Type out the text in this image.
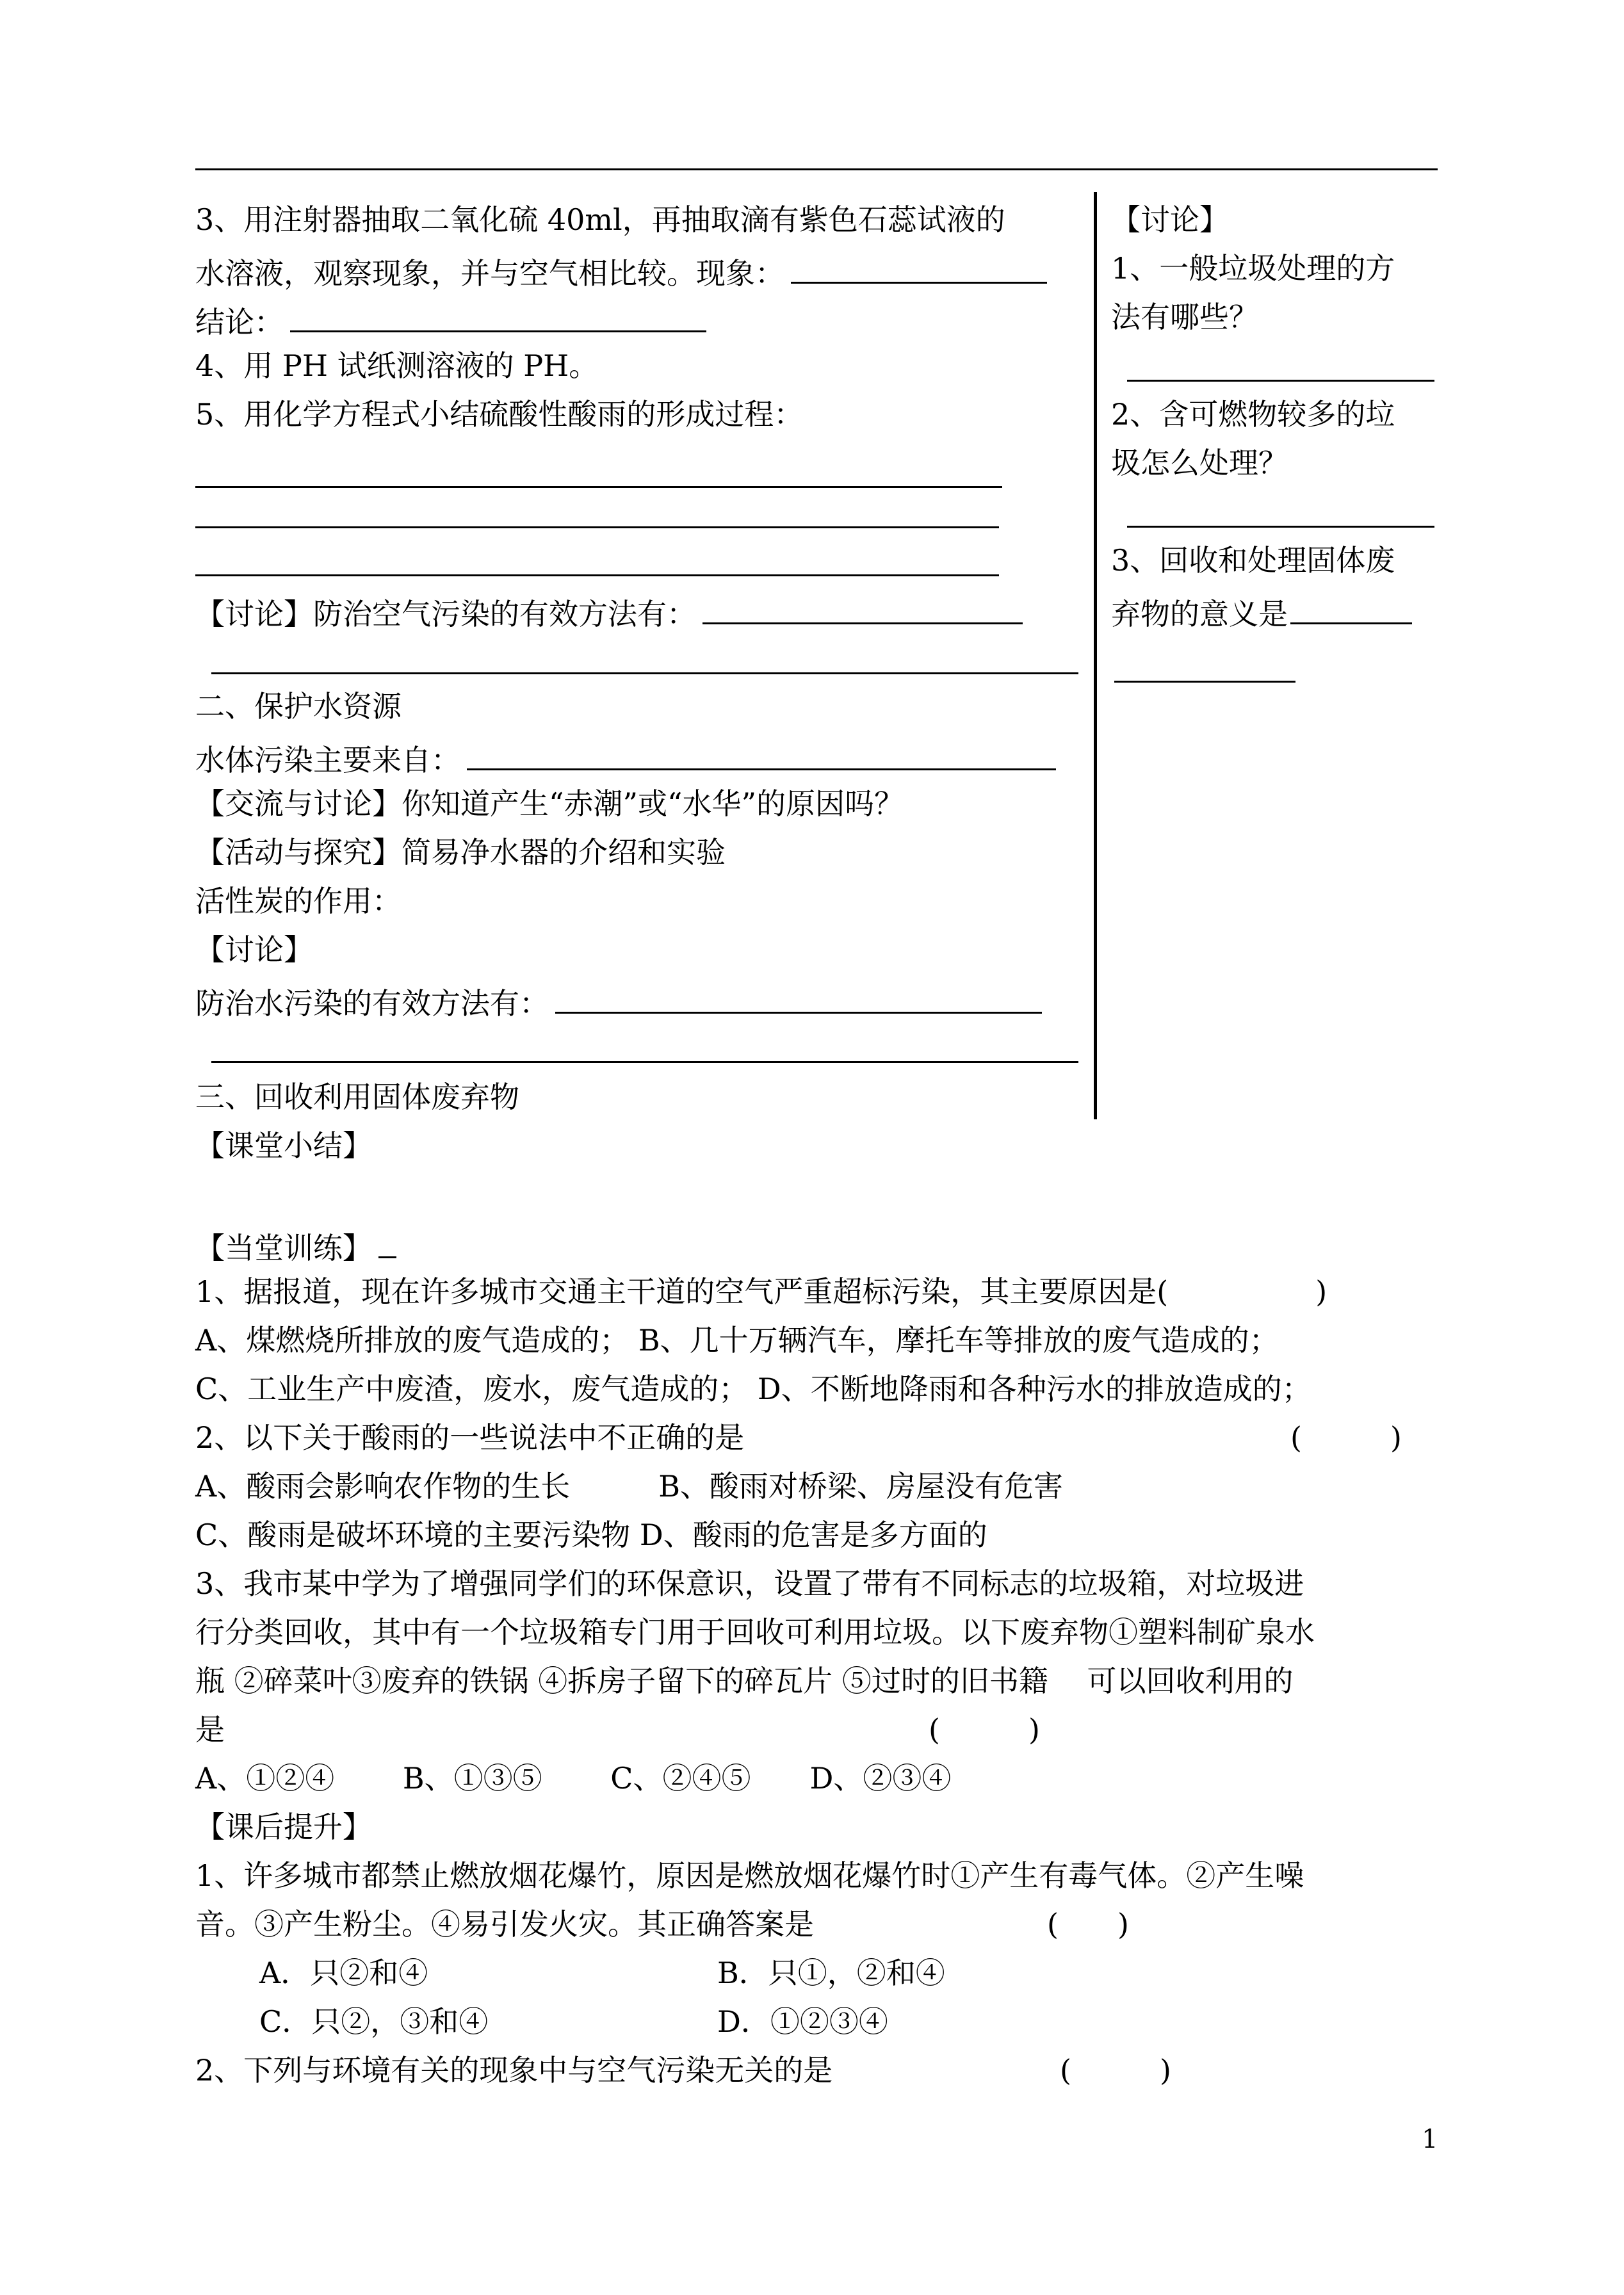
3、用注射器抽取二氧化硫 40ml，再抽取滴有紫色石蕊试液的
水溶液，观察现象，并与空气相比较。现象：
结论：
4、用 PH 试纸测溶液的 PH。
5、用化学方程式小结硫酸性酸雨的形成过程：
【讨论】防治空气污染的有效方法有：
二、保护水资源
水体污染主要来自：
【交流与讨论】你知道产生“赤潮”或“水华”的原因吗？
【活动与探究】简易净水器的介绍和实验
活性炭的作用：
【讨论】
防治水污染的有效方法有：
三、回收利用固体废弃物
【讨论】
1、一般垃圾处理的方
法有哪些？
2、含可燃物较多的垃
圾怎么处理？
3、回收和处理固体废
弃物的意义是
【课堂小结】
【当堂训练】
1、据报道，现在许多城市交通主干道的空气严重超标污染，其主要原因是(　　　　　)
A、煤燃烧所排放的废气造成的； B、几十万辆汽车，摩托车等排放的废气造成的；
C、工业生产中废渣，废水，废气造成的； D、不断地降雨和各种污水的排放造成的；
2、以下关于酸雨的一些说法中不正确的是	(　　　)
A、酸雨会影响农作物的生长　　　B、酸雨对桥梁、房屋没有危害
C、酸雨是破坏环境的主要污染物 D、酸雨的危害是多方面的
3、我市某中学为了增强同学们的环保意识，设置了带有不同标志的垃圾箱，对垃圾进
行分类回收，其中有一个垃圾箱专门用于回收可利用垃圾。以下废弃物①塑料制矿泉水
瓶 ②碎菜叶③废弃的铁锅 ④拆房子留下的碎瓦片 ⑤过时的旧书籍　 可以回收利用的
是	(　　　)
A、①②④　　 B、①③⑤　　 C、②④⑤　　D、②③④
【课后提升】
1、许多城市都禁止燃放烟花爆竹，原因是燃放烟花爆竹时①产生有毒气体。②产生噪
音。③产生粉尘。④易引发火灾。其正确答案是	(　　)
A．只②和④	B．只①，②和④
C．只②，③和④	D．①②③④
2、下列与环境有关的现象中与空气污染无关的是	(　　　)
1
